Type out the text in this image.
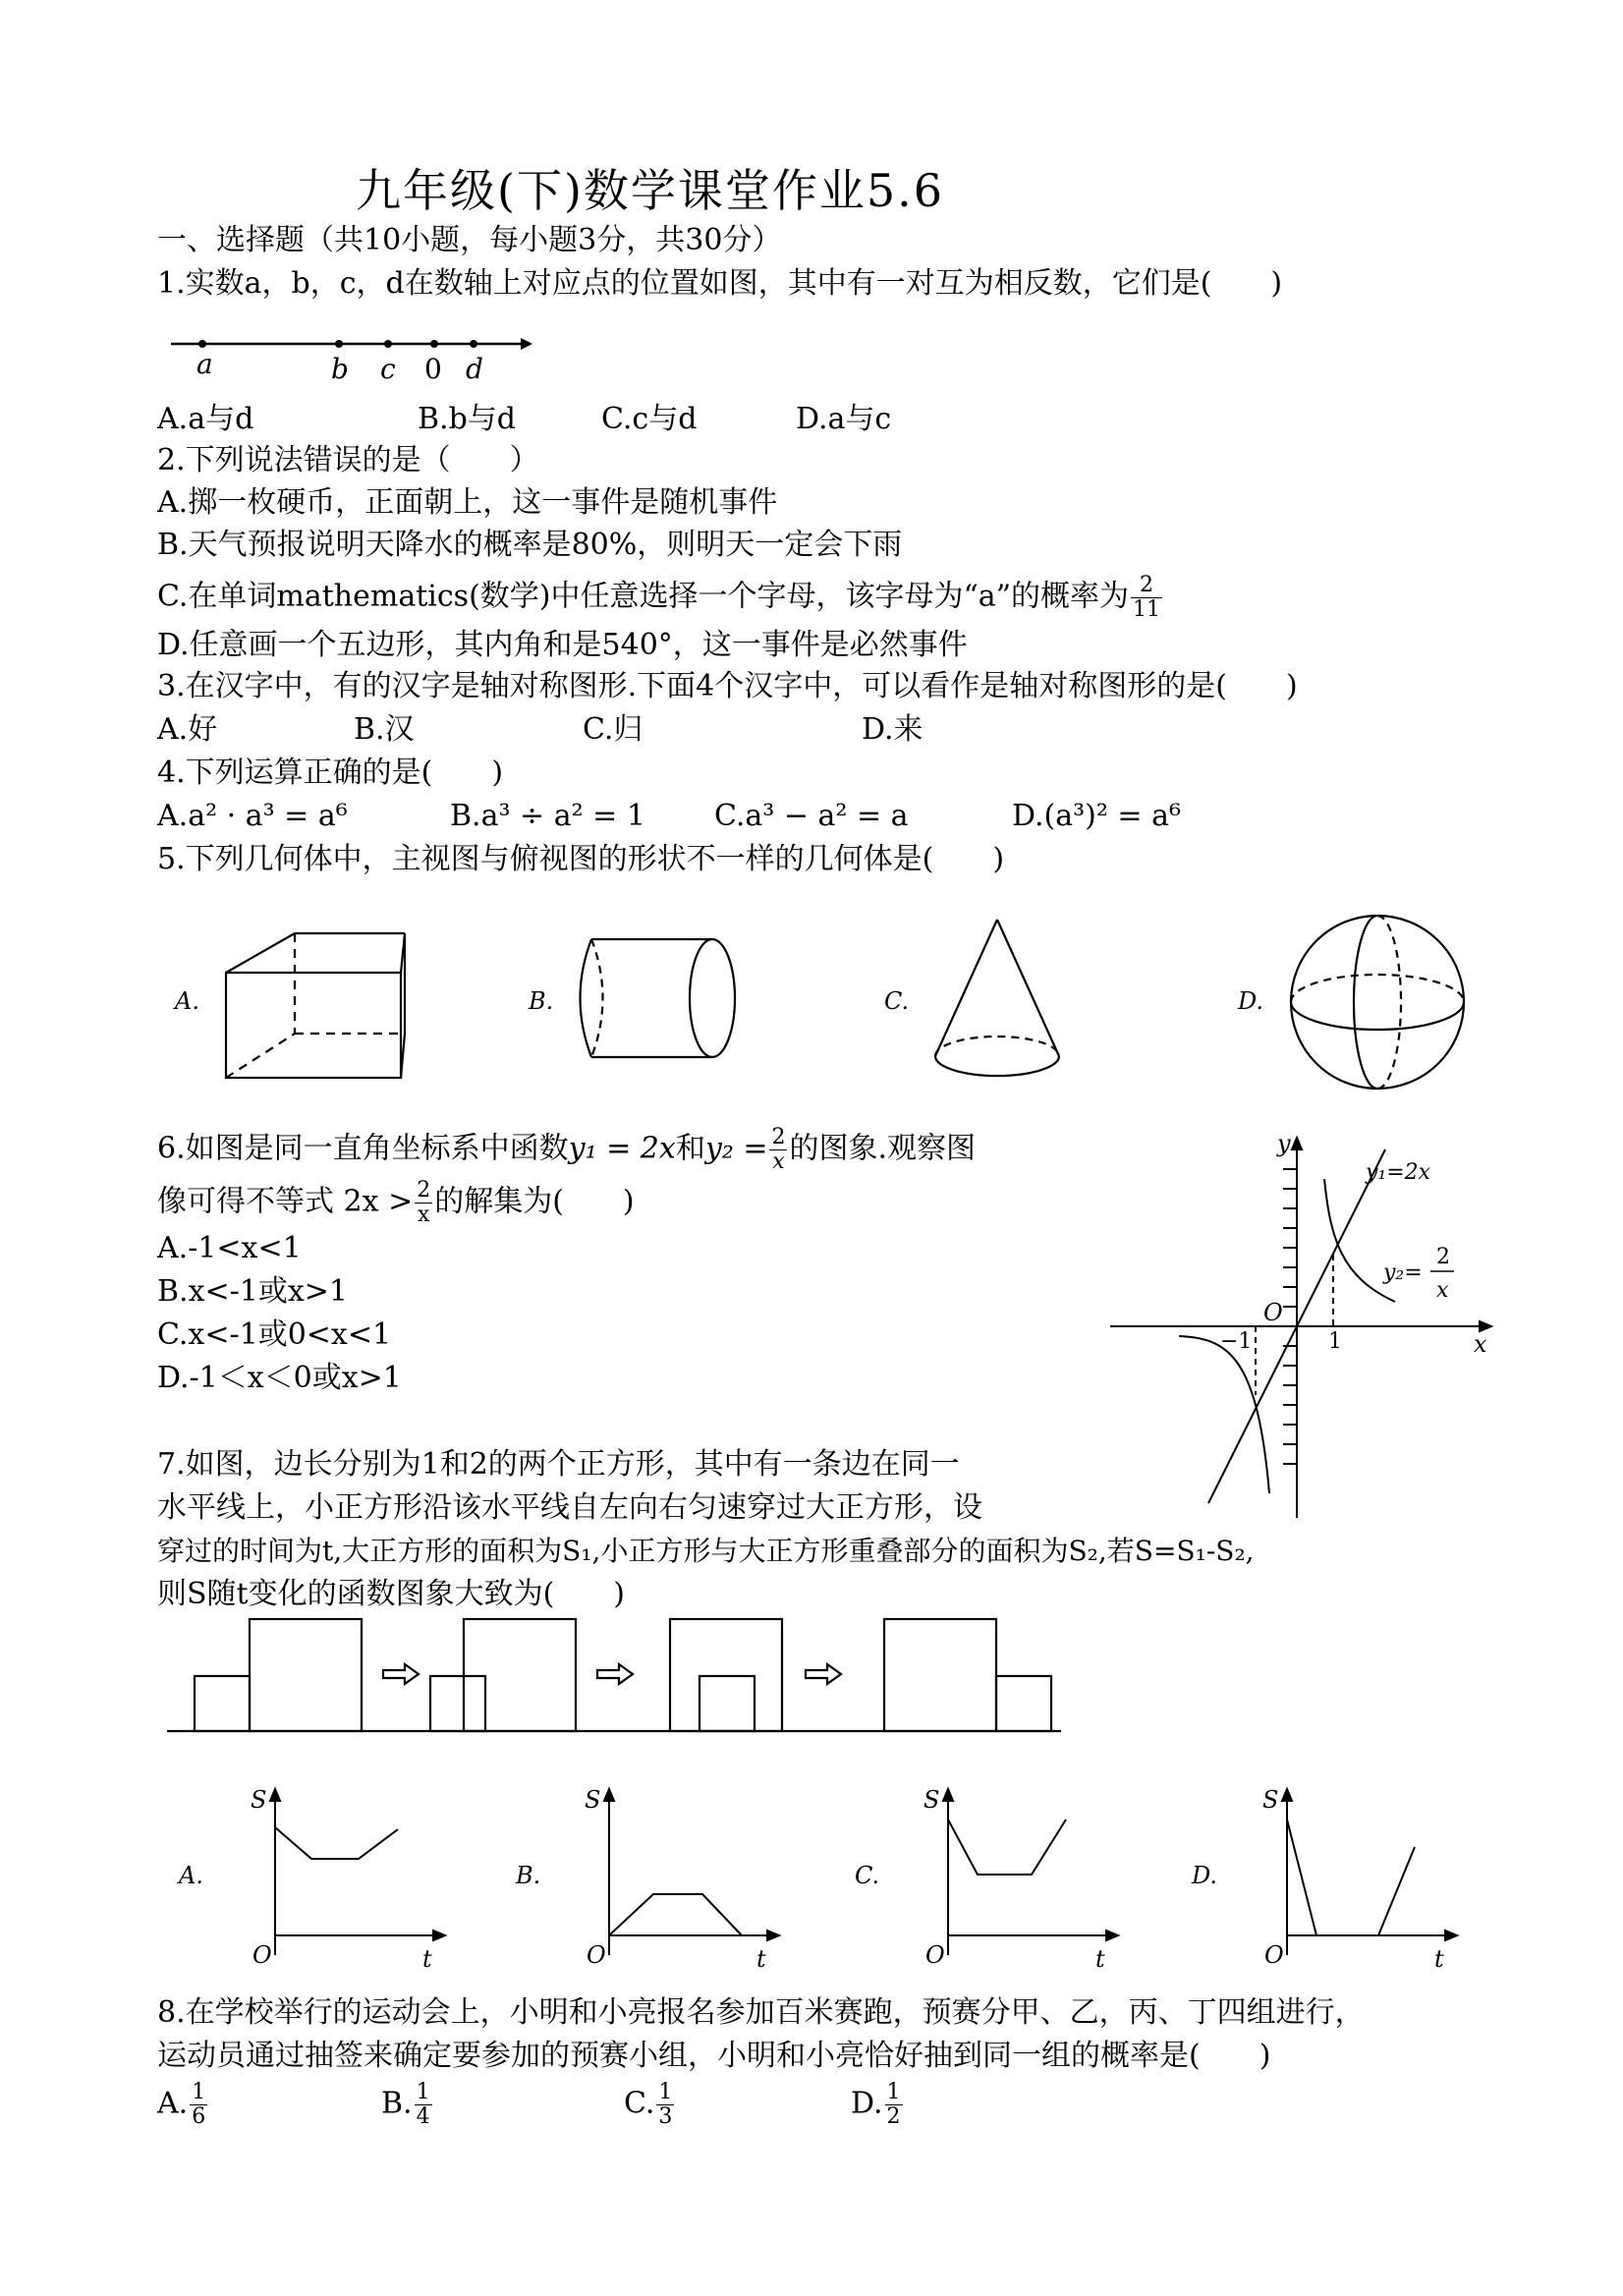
九年级(下)数学课堂作业5.6
一、选择题（共10小题，每小题3分，共30分）
1.实数a，b，c，d在数轴上对应点的位置如图，其中有一对互为相反数，它们是(　　)
a	b c 0 d
A.a与d	B.b与d	C.c与d	D.a与c
2.下列说法错误的是（　　）
A.掷一枚硬币，正面朝上，这一事件是随机事件
B.天气预报说明天降水的概率是80%，则明天一定会下雨
C.在单词mathematics(数学)中任意选择一个字母，该字母为“a”的概率为 $\frac{2}{11}$
D.任意画一个五边形，其内角和是540°，这一事件是必然事件
3.在汉字中，有的汉字是轴对称图形.下面4个汉字中，可以看作是轴对称图形的是(　　)
A.好	B.汉	C.归	D.来
4.下列运算正确的是(　　)
A.a² · a³ = a⁶	B.a³ ÷ a² = 1 C.a³ − a² = a	D.(a³)² = a⁶
5.下列几何体中，主视图与俯视图的形状不一样的几何体是(　　)
A.	B.	C.	D.
6.如图是同一直角坐标系中函数y₁ = 2x和$y_2 = \frac{2}{x}$ 的图象.观察图
像可得不等式 $2x > \frac{2}{x}$ 的解集为(　　)
A.-1<x<1
B.x<-1或x>1
C.x<-1或0<x<1
D.-1＜x＜0或x>1
y
x
O
−1	1
y₁=2x
y₂=
2
x
7.如图，边长分别为1和2的两个正方形，其中有一条边在同一
水平线上，小正方形沿该水平线自左向右匀速穿过大正方形，设
穿过的时间为t,大正方形的面积为S₁,小正方形与大正方形重叠部分的面积为S₂,若S=S₁-S₂,
则S随t变化的函数图象大致为(　　)
A.	B.	C.	D.
S
O	t
S
O	t
S
O	t
S
O	t
8.在学校举行的运动会上，小明和小亮报名参加百米赛跑，预赛分甲、乙，丙、丁四组进行，
运动员通过抽签来确定要参加的预赛小组，小明和小亮恰好抽到同一组的概率是(　　)
A. $\frac{1}{6}$	B. $\frac{1}{4}$	C. $\frac{1}{3}$	D. $\frac{1}{2}$
